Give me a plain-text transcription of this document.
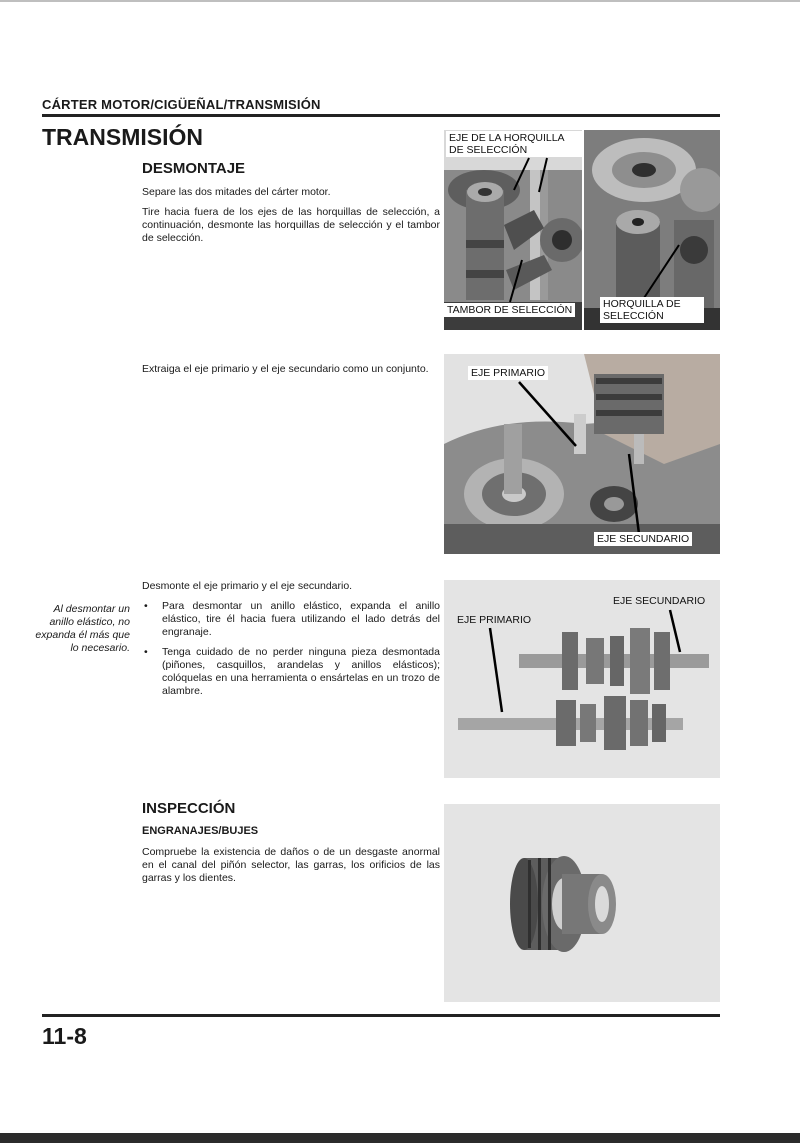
CÁRTER MOTOR/CIGÜEÑAL/TRANSMISIÓN
TRANSMISIÓN
DESMONTAJE
Separe las dos mitades del cárter motor.
Tire hacia fuera de los ejes de las horquillas de selección, a continuación, desmonte las horquillas de selección y el tambor de selección.
Extraiga el eje primario y el eje secundario como un conjunto.
Desmonte el eje primario y el eje secundario.
• Para desmontar un anillo elástico, expanda el anillo elástico, tire él hacia fuera utilizando el lado detrás del engranaje.
• Tenga cuidado de no perder ninguna pieza desmontada (piñones, casquillos, arandelas y anillos elásticos); colóquelas en una herramienta o ensártelas en un trozo de alambre.
Al desmontar un anillo elástico, no expanda él más que lo necesario.
INSPECCIÓN
ENGRANAJES/BUJES
Compruebe la existencia de daños o de un desgaste anormal en el canal del piñón selector, las garras, los orificios de las garras y los dientes.
EJE DE LA HORQUILLA DE SELECCIÓN
TAMBOR DE SELECCIÓN	HORQUILLA DE SELECCIÓN
EJE PRIMARIO
EJE SECUNDARIO
EJE SECUNDARIO
EJE PRIMARIO
11-8
